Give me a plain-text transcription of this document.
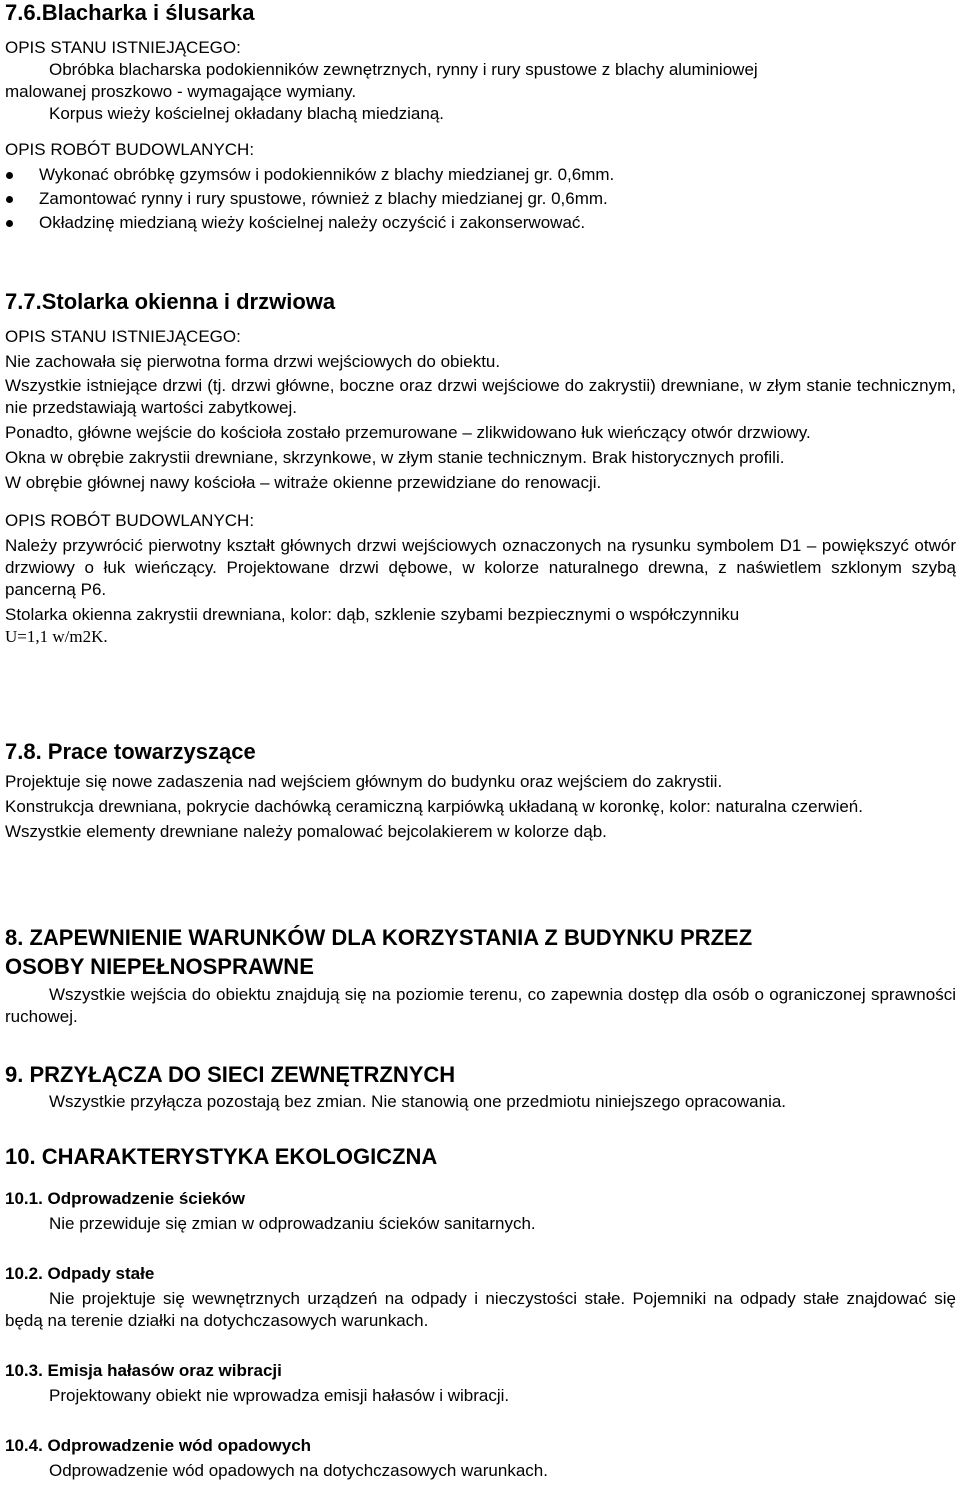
7.6.Blacharka i ślusarka

OPIS STANU ISTNIEJĄCEGO:

Obróbka blacharska podokienników zewnętrznych, rynny i rury spustowe z blachy aluminiowej

malowanej proszkowo - wymagające wymiany.

Korpus wieży kościelnej okładany blachą miedzianą.

OPIS ROBÓT BUDOWLANYCH:

Wykonać obróbkę gzymsów i podokienników z blachy miedzianej gr. 0,6mm.
Zamontować rynny i rury spustowe, również z blachy miedzianej gr. 0,6mm.
Okładzinę miedzianą wieży kościelnej należy oczyścić i zakonserwować.

7.7.Stolarka okienna i drzwiowa

OPIS STANU ISTNIEJĄCEGO:

Nie zachowała się pierwotna forma drzwi wejściowych do obiektu.

Wszystkie istniejące drzwi (tj. drzwi główne, boczne oraz drzwi wejściowe do zakrystii) drewniane, w złym stanie technicznym, nie przedstawiają wartości zabytkowej.

Ponadto, główne wejście do kościoła zostało przemurowane – zlikwidowano łuk wieńczący otwór drzwiowy.

Okna w obrębie zakrystii drewniane, skrzynkowe, w złym stanie technicznym. Brak historycznych profili.

W obrębie głównej nawy kościoła – witraże okienne przewidziane do renowacji.

OPIS ROBÓT BUDOWLANYCH:

Należy przywrócić pierwotny kształt głównych drzwi wejściowych oznaczonych na rysunku symbolem D1 – powiększyć otwór drzwiowy o łuk wieńczący. Projektowane drzwi dębowe, w kolorze naturalnego drewna, z naświetlem szklonym szybą pancerną P6.

Stolarka okienna zakrystii drewniana, kolor: dąb, szklenie szybami bezpiecznymi o współczynniku
U=1,1 w/m2K.

7.8. Prace towarzyszące

Projektuje się nowe zadaszenia nad wejściem głównym do budynku oraz wejściem do zakrystii.

Konstrukcja drewniana, pokrycie dachówką ceramiczną karpiówką układaną w koronkę, kolor: naturalna czerwień.

Wszystkie elementy drewniane należy pomalować bejcolakierem w kolorze dąb.

8. ZAPEWNIENIE WARUNKÓW DLA KORZYSTANIA Z BUDYNKU PRZEZ

OSOBY NIEPEŁNOSPRAWNE

Wszystkie wejścia do obiektu znajdują się na poziomie terenu, co zapewnia dostęp dla osób o ograniczonej sprawności ruchowej.

9. PRZYŁĄCZA DO SIECI ZEWNĘTRZNYCH

Wszystkie przyłącza pozostają bez zmian. Nie stanowią one przedmiotu niniejszego opracowania.

10. CHARAKTERYSTYKA EKOLOGICZNA

10.1. Odprowadzenie ścieków

Nie przewiduje się zmian w odprowadzaniu ścieków sanitarnych.

10.2. Odpady stałe

Nie projektuje się wewnętrznych urządzeń na odpady i nieczystości stałe. Pojemniki na odpady stałe znajdować się będą na terenie działki na dotychczasowych warunkach.

10.3. Emisja hałasów oraz wibracji

Projektowany obiekt nie wprowadza emisji hałasów i wibracji.

10.4. Odprowadzenie wód opadowych

Odprowadzenie wód opadowych na dotychczasowych warunkach.
